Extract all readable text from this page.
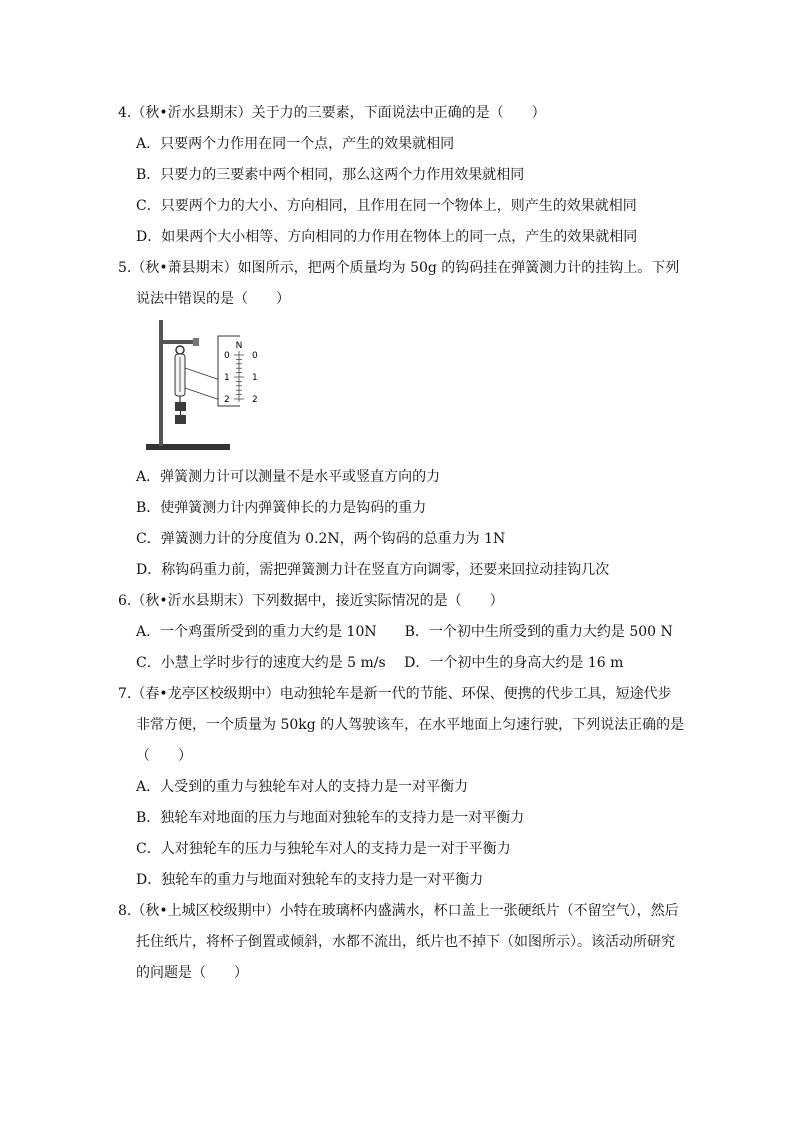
4.（秋•沂水县期末）关于力的三要素，下面说法中正确的是（　　）
A．只要两个力作用在同一个点，产生的效果就相同
B．只要力的三要素中两个相同，那么这两个力作用效果就相同
C．只要两个力的大小、方向相同，且作用在同一个物体上，则产生的效果就相同
D．如果两个大小相等、方向相同的力作用在物体上的同一点，产生的效果就相同
5.（秋•萧县期末）如图所示，把两个质量均为 50g 的钩码挂在弹簧测力计的挂钩上。下列
说法中错误的是（　　）
N
0
1
2
0
1
2
A．弹簧测力计可以测量不是水平或竖直方向的力
B．使弹簧测力计内弹簧伸长的力是钩码的重力
C．弹簧测力计的分度值为 0.2N，两个钩码的总重力为 1N
D．称钩码重力前，需把弹簧测力计在竖直方向调零，还要来回拉动挂钩几次
6.（秋•沂水县期末）下列数据中，接近实际情况的是（　　）
A．一个鸡蛋所受到的重力大约是 10N　　B．一个初中生所受到的重力大约是 500 N
C．小慧上学时步行的速度大约是 5 m/s　 D．一个初中生的身高大约是 16 m
7.（春•龙亭区校级期中）电动独轮车是新一代的节能、环保、便携的代步工具，短途代步
非常方便，一个质量为 50kg 的人驾驶该车，在水平地面上匀速行驶，下列说法正确的是
（　　）
A．人受到的重力与独轮车对人的支持力是一对平衡力
B．独轮车对地面的压力与地面对独轮车的支持力是一对平衡力
C．人对独轮车的压力与独轮车对人的支持力是一对于平衡力
D．独轮车的重力与地面对独轮车的支持力是一对平衡力
8.（秋•上城区校级期中）小特在玻璃杯内盛满水，杯口盖上一张硬纸片（不留空气），然后
托住纸片，将杯子倒置或倾斜，水都不流出，纸片也不掉下（如图所示）。该活动所研究
的问题是（　　）
